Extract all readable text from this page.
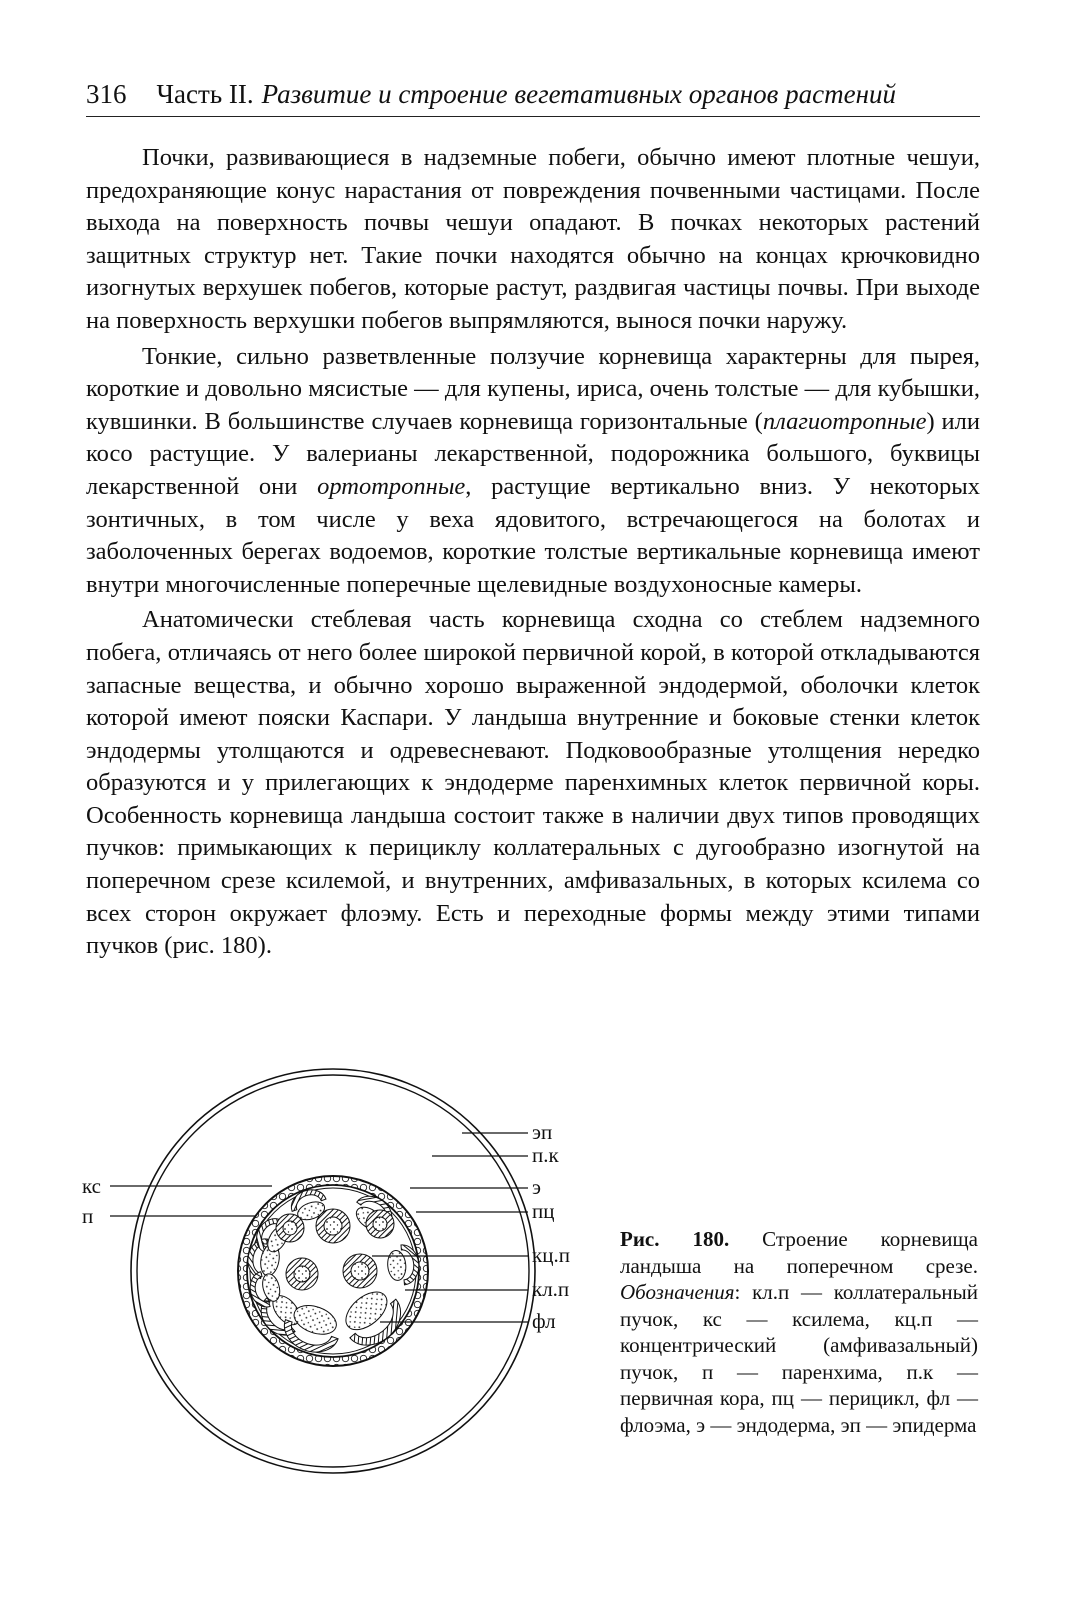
316 Часть II. Развитие и строение вегетативных органов растений

Почки, развивающиеся в надземные побеги, обычно имеют плотные чешуи, предохраняющие конус нарастания от повреждения почвенными частицами. После выхода на поверхность почвы чешуи опадают. В почках некоторых растений защитных структур нет. Такие почки находятся обычно на концах крючковидно изогнутых верхушек побегов, которые растут, раздвигая частицы почвы. При выходе на поверхность верхушки побегов выпрямляются, вынося почки наружу.

Тонкие, сильно разветвленные ползучие корневища характерны для пырея, короткие и довольно мясистые — для купены, ириса, очень толстые — для кубышки, кувшинки. В большинстве случаев корневища горизонтальные (плагиотропные) или косо растущие. У валерианы лекарственной, подорожника большого, буквицы лекарственной они ортотропные, растущие вертикально вниз. У некоторых зонтичных, в том числе у веха ядовитого, встречающегося на болотах и заболоченных берегах водоемов, короткие толстые вертикальные корневища имеют внутри многочисленные поперечные щелевидные воздухоносные камеры.

Анатомически стеблевая часть корневища сходна со стеблем надземного побега, отличаясь от него более широкой первичной корой, в которой откладываются запасные вещества, и обычно хорошо выраженной эндодермой, оболочки клеток которой имеют пояски Каспари. У ландыша внутренние и боковые стенки клеток эндодермы утолщаются и одревесневают. Подковообразные утолщения нередко образуются и у прилегающих к эндодерме паренхимных клеток первичной коры. Особенность корневища ландыша состоит также в наличии двух типов проводящих пучков: примыкающих к перициклу коллатеральных с дугообразно изогнутой на поперечном срезе ксилемой, и внутренних, амфивазальных, в которых ксилема со всех сторон окружает флоэму. Есть и переходные формы между этими типами пучков (рис. 180).

кс
п
эп
п.к
э
пц
кц.п
кл.п
фл
Рис. 180. Строение корневища ландыша на поперечном срезе. Обозначения: кл.п — коллатеральный пучок, кс — ксилема, кц.п — концентрический (амфивазальный) пучок, п — паренхима, п.к — первичная кора, пц — перицикл, фл — флоэма, э — эндодерма, эп — эпидерма
